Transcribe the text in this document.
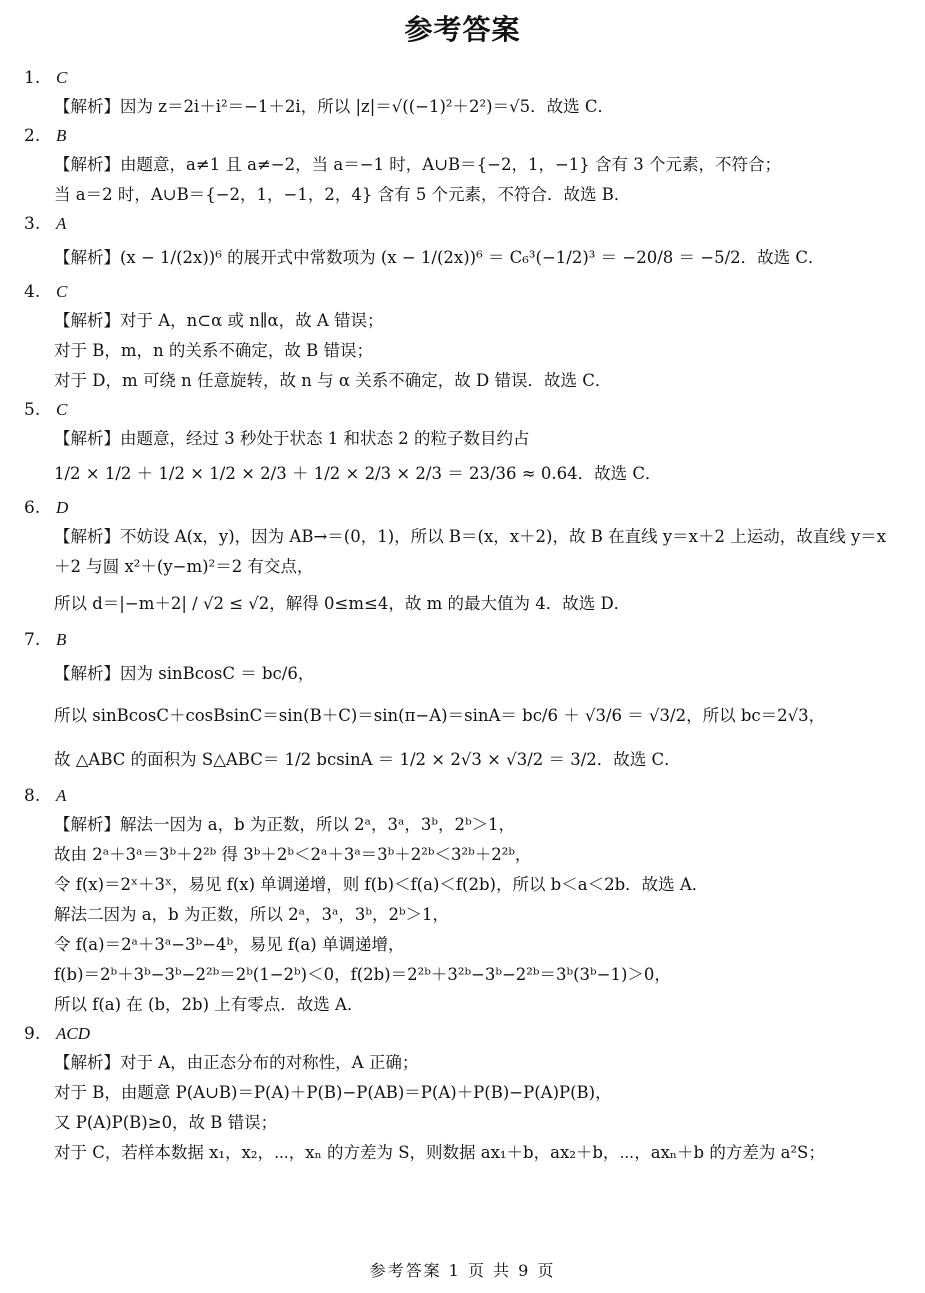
参考答案
1. C
【解析】因为 z＝2i＋i²＝−1＋2i，所以 |z|＝√((−1)²＋2²)＝√5．故选 C．
2. B
【解析】由题意，a≠1 且 a≠−2，当 a＝−1 时，A∪B＝{−2，1，−1} 含有 3 个元素，不符合；
当 a＝2 时，A∪B＝{−2，1，−1，2，4} 含有 5 个元素，不符合．故选 B．
3. A
【解析】(x − 1/(2x))⁶ 的展开式中常数项为 (x − 1/(2x))⁶ ＝ C₆³(−1/2)³ ＝ −20/8 ＝ −5/2．故选 C．
4. C
【解析】对于 A，n⊂α 或 n∥α，故 A 错误；
对于 B，m，n 的关系不确定，故 B 错误；
对于 D，m 可绕 n 任意旋转，故 n 与 α 关系不确定，故 D 错误．故选 C．
5. C
【解析】由题意，经过 3 秒处于状态 1 和状态 2 的粒子数目约占
1/2 × 1/2 ＋ 1/2 × 1/2 × 2/3 ＋ 1/2 × 2/3 × 2/3 ＝ 23/36 ≈ 0.64．故选 C．
6. D
【解析】不妨设 A(x，y)，因为 AB→＝(0，1)，所以 B＝(x，x＋2)，故 B 在直线 y＝x＋2 上运动，故直线 y＝x
＋2 与圆 x²＋(y−m)²＝2 有交点，
所以 d＝|−m＋2| / √2 ≤ √2，解得 0≤m≤4，故 m 的最大值为 4．故选 D．
7. B
【解析】因为 sinBcosC ＝ bc/6，
所以 sinBcosC＋cosBsinC＝sin(B＋C)＝sin(π−A)＝sinA＝ bc/6 ＋ √3/6 ＝ √3/2，所以 bc＝2√3，
故 △ABC 的面积为 S△ABC＝ 1/2 bcsinA ＝ 1/2 × 2√3 × √3/2 ＝ 3/2．故选 C．
8. A
【解析】解法一因为 a，b 为正数，所以 2ᵃ，3ᵃ，3ᵇ，2ᵇ＞1，
故由 2ᵃ＋3ᵃ＝3ᵇ＋2²ᵇ 得 3ᵇ＋2ᵇ＜2ᵃ＋3ᵃ＝3ᵇ＋2²ᵇ＜3²ᵇ＋2²ᵇ，
令 f(x)＝2ˣ＋3ˣ，易见 f(x) 单调递增，则 f(b)＜f(a)＜f(2b)，所以 b＜a＜2b．故选 A．
解法二因为 a，b 为正数，所以 2ᵃ，3ᵃ，3ᵇ，2ᵇ＞1，
令 f(a)＝2ᵃ＋3ᵃ−3ᵇ−4ᵇ，易见 f(a) 单调递增，
f(b)＝2ᵇ＋3ᵇ−3ᵇ−2²ᵇ＝2ᵇ(1−2ᵇ)＜0，f(2b)＝2²ᵇ＋3²ᵇ−3ᵇ−2²ᵇ＝3ᵇ(3ᵇ−1)＞0，
所以 f(a) 在 (b，2b) 上有零点．故选 A．
9. ACD
【解析】对于 A，由正态分布的对称性，A 正确；
对于 B，由题意 P(A∪B)＝P(A)＋P(B)−P(AB)＝P(A)＋P(B)−P(A)P(B)，
又 P(A)P(B)≥0，故 B 错误；
对于 C，若样本数据 x₁，x₂，⋯，xₙ 的方差为 S，则数据 ax₁＋b，ax₂＋b，⋯，axₙ＋b 的方差为 a²S；
参考答案 1 页 共 9 页
